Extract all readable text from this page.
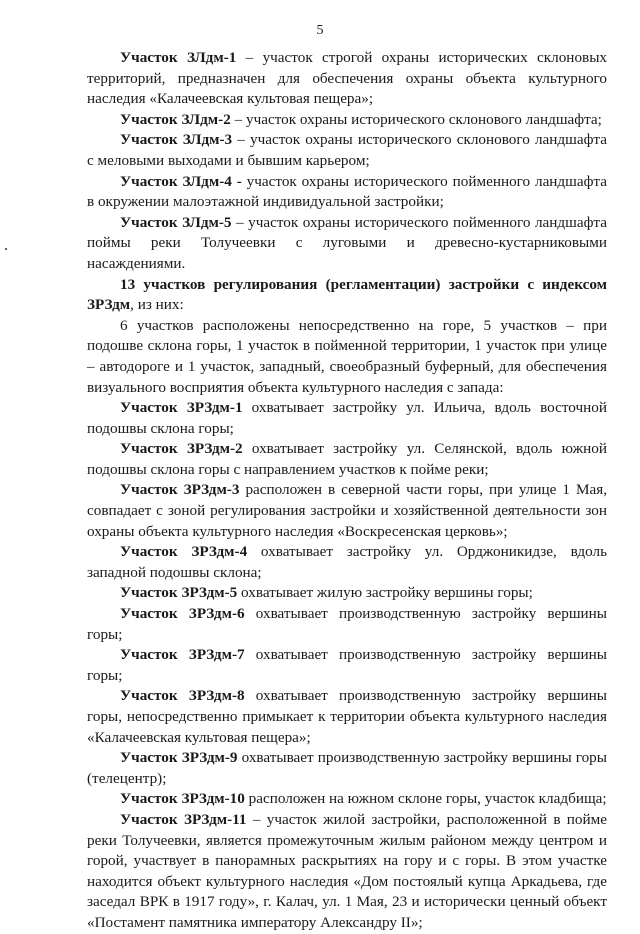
5

Участок ЗЛдм-1 – участок строгой охраны исторических склоновых территорий, предназначен для обеспечения охраны объекта культурного наследия «Калачеевская культовая пещера»;

Участок ЗЛдм-2 – участок охраны исторического склонового ландшафта;

Участок ЗЛдм-3 – участок охраны исторического склонового ландшафта с меловыми выходами и бывшим карьером;

Участок ЗЛдм-4 - участок охраны исторического пойменного ландшафта в окружении малоэтажной индивидуальной застройки;

Участок ЗЛдм-5 – участок охраны исторического пойменного ландшафта поймы реки Толучеевки с луговыми и древесно-кустарниковыми насаждениями.

13 участков регулирования (регламентации) застройки с индексом ЗРЗдм, из них:

6 участков расположены непосредственно на горе, 5 участков – при подошве склона горы, 1 участок в пойменной территории, 1 участок при улице – автодороге и 1 участок, западный, своеобразный буферный, для обеспечения визуального восприятия объекта культурного наследия с запада:

Участок ЗРЗдм-1 охватывает застройку ул. Ильича, вдоль восточной подошвы склона горы;

Участок ЗРЗдм-2 охватывает застройку ул. Селянской, вдоль южной подошвы склона горы с направлением участков к пойме реки;

Участок ЗРЗдм-3 расположен в северной части горы, при улице 1 Мая, совпадает с зоной регулирования застройки и хозяйственной деятельности зон охраны объекта культурного наследия «Воскресенская церковь»;

Участок ЗРЗдм-4 охватывает застройку ул. Орджоникидзе, вдоль западной подошвы склона;

Участок ЗРЗдм-5 охватывает жилую застройку вершины горы;

Участок ЗРЗдм-6 охватывает производственную застройку вершины горы;

Участок ЗРЗдм-7 охватывает производственную застройку вершины горы;

Участок ЗРЗдм-8 охватывает производственную застройку вершины горы, непосредственно примыкает к территории объекта культурного наследия «Калачеевская культовая пещера»;

Участок ЗРЗдм-9 охватывает производственную застройку вершины горы (телецентр);

Участок ЗРЗдм-10 расположен на южном склоне горы, участок кладбища;

Участок ЗРЗдм-11 – участок жилой застройки, расположенной в пойме реки Толучеевки, является промежуточным жилым районом между центром и горой, участвует в панорамных раскрытиях на гору и с горы. В этом участке находится объект культурного наследия «Дом постоялый купца Аркадьева, где заседал ВРК в 1917 году», г. Калач, ул. 1 Мая, 23 и исторически ценный объект «Постамент памятника императору Александру II»;
